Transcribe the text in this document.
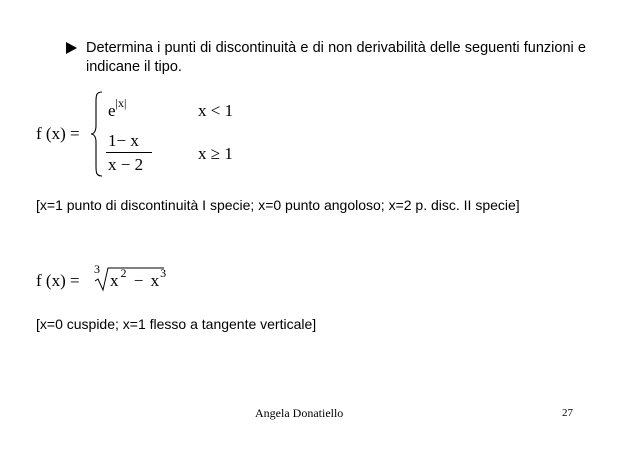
Determina i punti di discontinuità e di non derivabilità delle seguenti funzioni e indicane il tipo.
f (x) =
$e^{|x|}$	x < 1
1− x
x − 2
x ≥ 1
[x=1 punto di discontinuità I specie; x=0 punto angoloso; x=2 p. disc. II specie]
f (x) =
3
x $^2 - x^3$
[x=0 cuspide; x=1 flesso a tangente verticale]
Angela Donatiello	27
